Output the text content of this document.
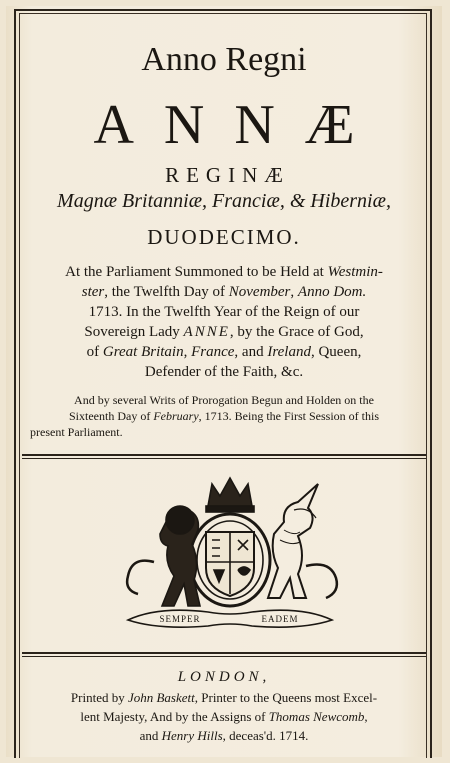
Anno Regni
ANNÆ
REGINÆ
Magnæ Britanniæ, Franciæ, & Hiberniæ,
DUODECIMO.
At the Parliament Summoned to be Held at Westmin-
ster, the Twelfth Day of November, Anno Dom.
1713. In the Twelfth Year of the Reign of our
Sovereign Lady ANNE, by the Grace of God,
of Great Britain, France, and Ireland, Queen,
Defender of the Faith, &c.
And by several Writs of Prorogation Begun and Holden on the
Sixteenth Day of February, 1713. Being the First Session of this
present Parliament.
SEMPER	EADEM
LONDON,
Printed by John Baskett, Printer to the Queens most Excel-
lent Majesty, And by the Assigns of Thomas Newcomb,
and Henry Hills, deceas'd. 1714.
